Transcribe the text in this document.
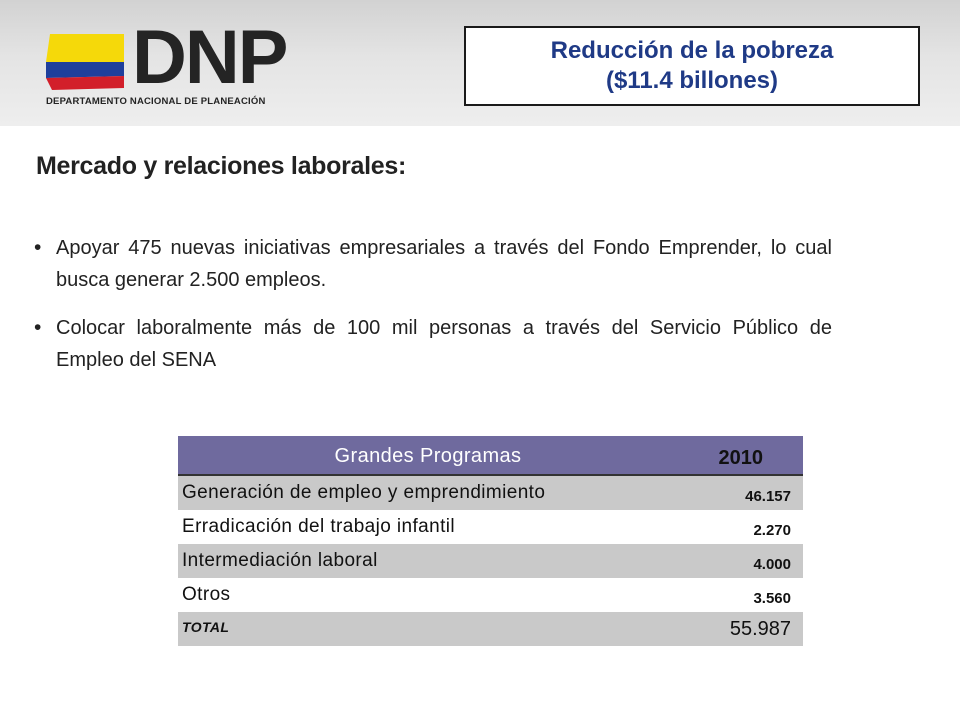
DNP
DEPARTAMENTO NACIONAL DE PLANEACIÓN
Reducción de la pobreza
($11.4 billones)
Mercado y relaciones laborales:
• Apoyar 475 nuevas iniciativas empresariales a través del Fondo Emprender, lo cual busca generar 2.500 empleos.
• Colocar laboralmente más de 100 mil personas a través del Servicio Público de Empleo del SENA
Grandes Programas	2010
Generación de empleo y emprendimiento	46.157
Erradicación del trabajo infantil	2.270
Intermediación laboral	4.000
Otros	3.560
TOTAL	55.987
